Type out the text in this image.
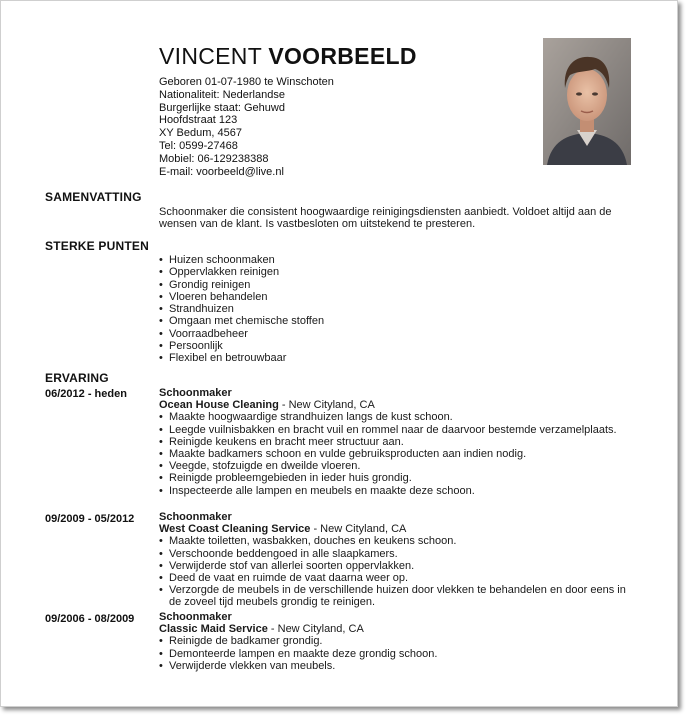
VINCENT VOORBEELD
Geboren 01-07-1980 te Winschoten
Nationaliteit: Nederlandse
Burgerlijke staat: Gehuwd
Hoofdstraat 123
XY Bedum, 4567
Tel: 0599-27468
Mobiel: 06-129238388
E-mail: voorbeeld@live.nl
SAMENVATTING
Schoonmaker die consistent hoogwaardige reinigingsdiensten aanbiedt. Voldoet altijd aan de wensen van de klant. Is vastbesloten om uitstekend te presteren.
STERKE PUNTEN
• Huizen schoonmaken
• Oppervlakken reinigen
• Grondig reinigen
• Vloeren behandelen
• Strandhuizen
• Omgaan met chemische stoffen
• Voorraadbeheer
• Persoonlijk
• Flexibel en betrouwbaar
ERVARING
06/2012 - heden	Schoonmaker
Ocean House Cleaning - New Cityland, CA
• Maakte hoogwaardige strandhuizen langs de kust schoon.
• Leegde vuilnisbakken en bracht vuil en rommel naar de daarvoor bestemde verzamelplaats.
• Reinigde keukens en bracht meer structuur aan.
• Maakte badkamers schoon en vulde gebruiksproducten aan indien nodig.
• Veegde, stofzuigde en dweilde vloeren.
• Reinigde probleemgebieden in ieder huis grondig.
• Inspecteerde alle lampen en meubels en maakte deze schoon.
09/2009 - 05/2012 Schoonmaker
West Coast Cleaning Service - New Cityland, CA
• Maakte toiletten, wasbakken, douches en keukens schoon.
• Verschoonde beddengoed in alle slaapkamers.
• Verwijderde stof van allerlei soorten oppervlakken.
• Deed de vaat en ruimde de vaat daarna weer op.
• Verzorgde de meubels in de verschillende huizen door vlekken te behandelen en door eens in de zoveel tijd meubels grondig te reinigen.
09/2006 - 08/2009 Schoonmaker
Classic Maid Service - New Cityland, CA
• Reinigde de badkamer grondig.
• Demonteerde lampen en maakte deze grondig schoon.
• Verwijderde vlekken van meubels.
